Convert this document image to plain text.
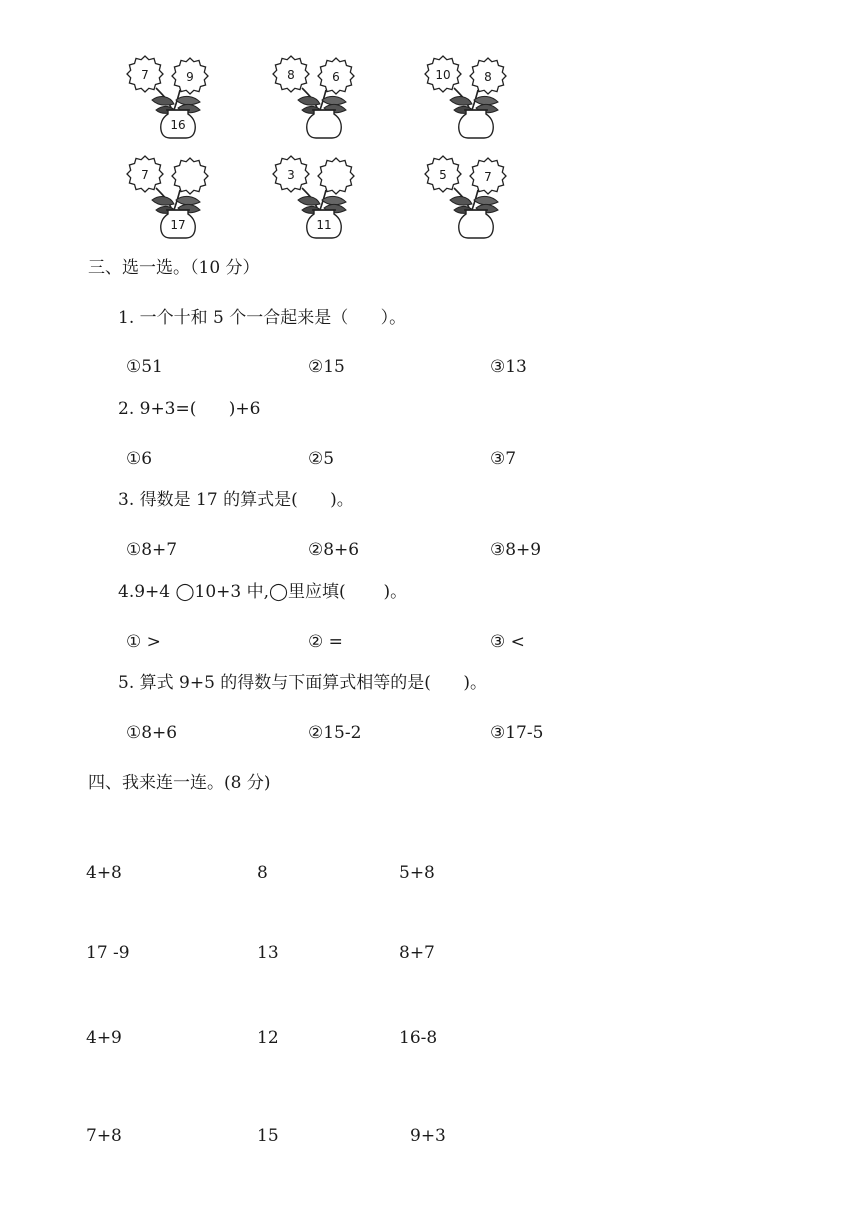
7	9
16
8	6	10	8
7
17
3
11
5	7
三、选一选。（10 分）
1. 一个十和 5 个一合起来是（      ）。
①51	②15	③13
2. 9+3=(      )+6
①6	②5	③7
3. 得数是 17 的算式是(      )。
①8+7	②8+6	③8+9
4.9+4 ◯10+3 中,◯里应填(       )。
① >	② =	③ <
5. 算式 9+5 的得数与下面算式相等的是(      )。
①8+6	②15-2	③17-5
四、我来连一连。(8 分)
4+8	8	5+8
17 -9	13	8+7
4+9	12	16-8
7+8	15	9+3
